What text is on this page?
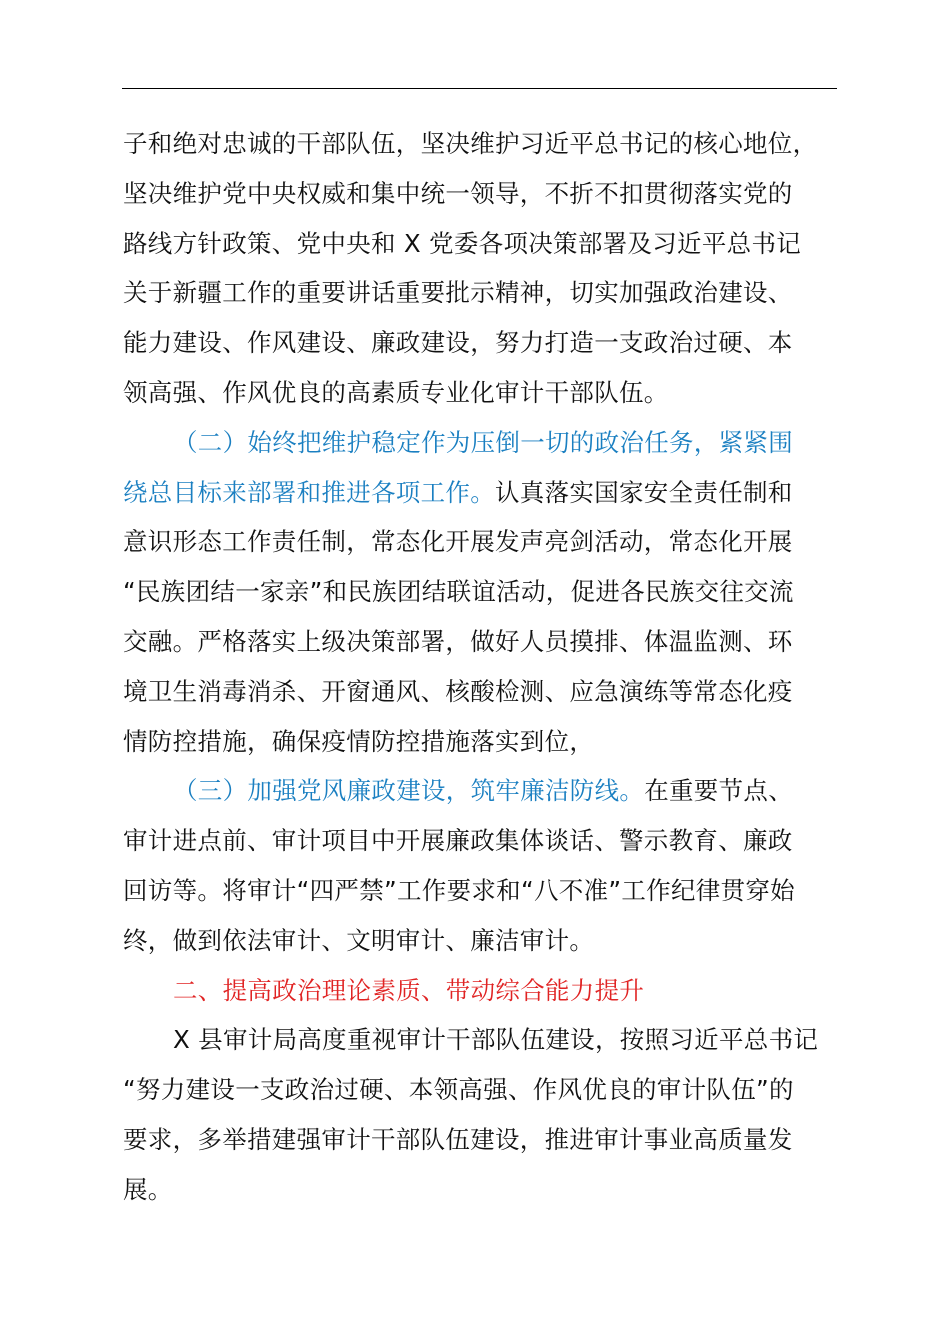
子和绝对忠诚的干部队伍，坚决维护习近平总书记的核心地位，
坚决维护党中央权威和集中统一领导，不折不扣贯彻落实党的
路线方针政策、党中央和 X 党委各项决策部署及习近平总书记
关于新疆工作的重要讲话重要批示精神，切实加强政治建设、
能力建设、作风建设、廉政建设，努力打造一支政治过硬、本
领高强、作风优良的高素质专业化审计干部队伍。
（二）始终把维护稳定作为压倒一切的政治任务，紧紧围
绕总目标来部署和推进各项工作。认真落实国家安全责任制和
意识形态工作责任制，常态化开展发声亮剑活动，常态化开展
“民族团结一家亲”和民族团结联谊活动，促进各民族交往交流
交融。严格落实上级决策部署，做好人员摸排、体温监测、环
境卫生消毒消杀、开窗通风、核酸检测、应急演练等常态化疫
情防控措施，确保疫情防控措施落实到位，
（三）加强党风廉政建设，筑牢廉洁防线。在重要节点、
审计进点前、审计项目中开展廉政集体谈话、警示教育、廉政
回访等。将审计“四严禁”工作要求和“八不准”工作纪律贯穿始
终，做到依法审计、文明审计、廉洁审计。
二、提高政治理论素质、带动综合能力提升
X 县审计局高度重视审计干部队伍建设，按照习近平总书记
“努力建设一支政治过硬、本领高强、作风优良的审计队伍”的
要求，多举措建强审计干部队伍建设，推进审计事业高质量发
展。
